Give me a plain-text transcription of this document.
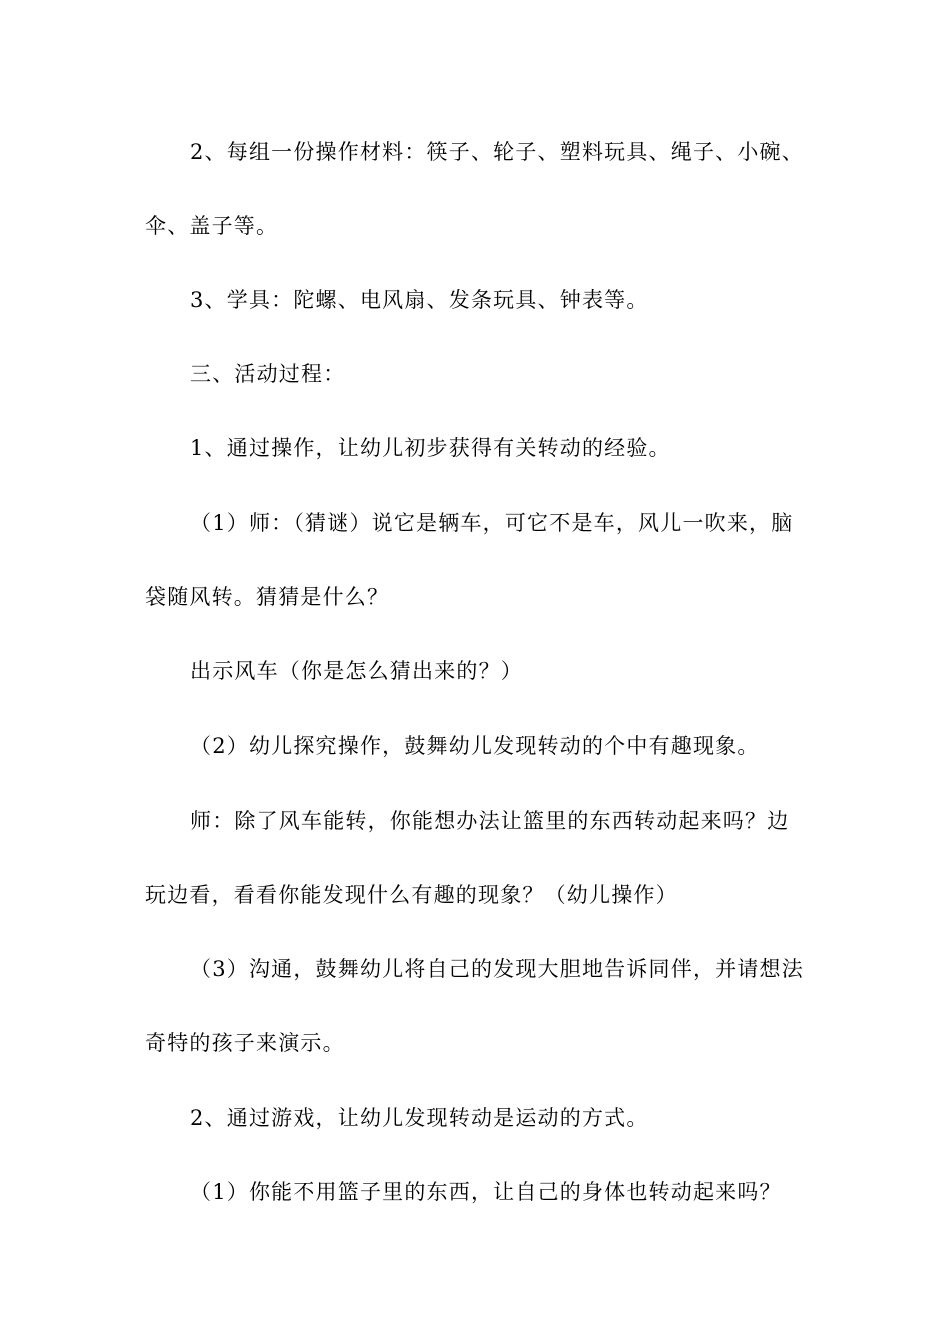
2、每组一份操作材料：筷子、轮子、塑料玩具、绳子、小碗、
伞、盖子等。
3、学具：陀螺、电风扇、发条玩具、钟表等。
三、活动过程：
1、通过操作，让幼儿初步获得有关转动的经验。
（1）师：（猜谜）说它是辆车，可它不是车，风儿一吹来，脑
袋随风转。猜猜是什么？
出示风车（你是怎么猜出来的？）
（2）幼儿探究操作，鼓舞幼儿发现转动的个中有趣现象。
师：除了风车能转，你能想办法让篮里的东西转动起来吗？边
玩边看，看看你能发现什么有趣的现象？（幼儿操作）
（3）沟通，鼓舞幼儿将自己的发现大胆地告诉同伴，并请想法
奇特的孩子来演示。
2、通过游戏，让幼儿发现转动是运动的方式。
（1）你能不用篮子里的东西，让自己的身体也转动起来吗？
